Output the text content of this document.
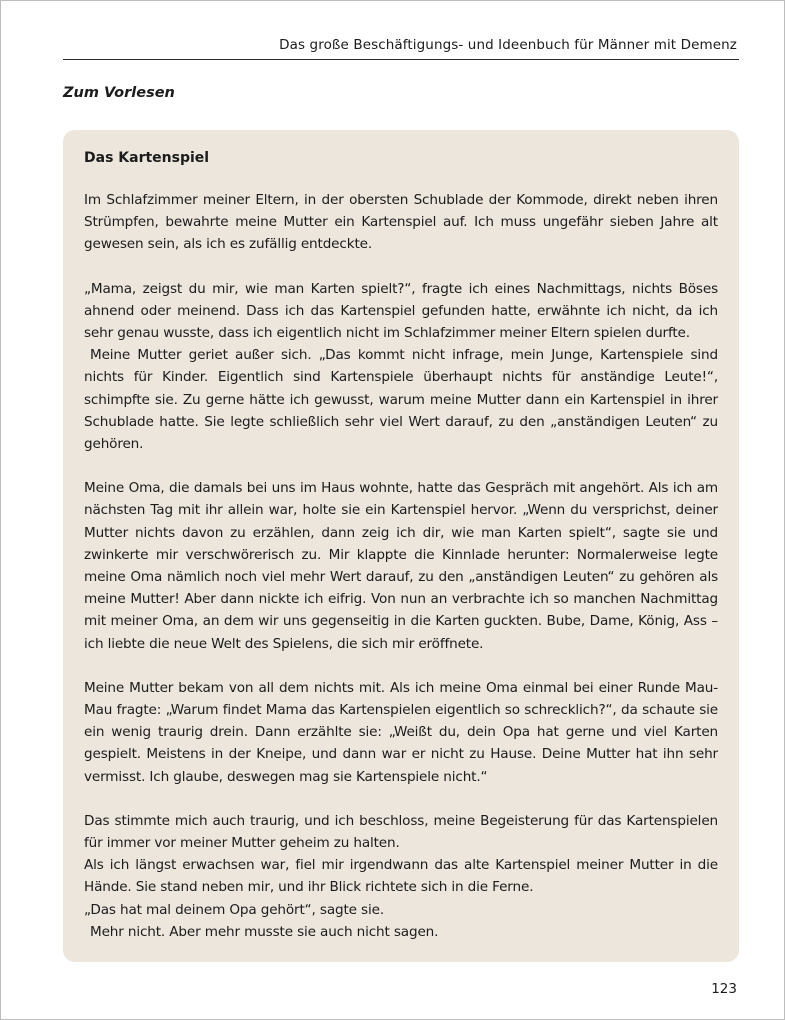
Das große Beschäftigungs- und Ideenbuch für Männer mit Demenz
Zum Vorlesen
Das Kartenspiel
Im Schlafzimmer meiner Eltern, in der obersten Schublade der Kommode, direkt neben ihren Strümpfen, bewahrte meine Mutter ein Kartenspiel auf. Ich muss ungefähr sieben Jahre alt gewesen sein, als ich es zufällig entdeckte.
„Mama, zeigst du mir, wie man Karten spielt?“, fragte ich eines Nachmittags, nichts Böses ahnend oder meinend. Dass ich das Kartenspiel gefunden hatte, erwähnte ich nicht, da ich sehr genau wusste, dass ich eigentlich nicht im Schlafzimmer meiner Eltern spielen durfte.
Meine Mutter geriet außer sich. „Das kommt nicht infrage, mein Junge, Kartenspiele sind nichts für Kinder. Eigentlich sind Kartenspiele überhaupt nichts für anständige Leute!“, schimpfte sie. Zu gerne hätte ich gewusst, warum meine Mutter dann ein Kartenspiel in ihrer Schublade hatte. Sie legte schließlich sehr viel Wert darauf, zu den „anständigen Leuten“ zu gehören.
Meine Oma, die damals bei uns im Haus wohnte, hatte das Gespräch mit angehört. Als ich am nächsten Tag mit ihr allein war, holte sie ein Kartenspiel hervor. „Wenn du versprichst, deiner Mutter nichts davon zu erzählen, dann zeig ich dir, wie man Karten spielt“, sagte sie und zwinkerte mir verschwörerisch zu. Mir klappte die Kinnlade herunter: Normalerweise legte meine Oma nämlich noch viel mehr Wert darauf, zu den „anständigen Leuten“ zu gehören als meine Mutter! Aber dann nickte ich eifrig. Von nun an verbrachte ich so manchen Nachmittag mit meiner Oma, an dem wir uns gegenseitig in die Karten guckten. Bube, Dame, König, Ass – ich liebte die neue Welt des Spielens, die sich mir eröffnete.
Meine Mutter bekam von all dem nichts mit. Als ich meine Oma einmal bei einer Runde Mau-Mau fragte: „Warum findet Mama das Kartenspielen eigentlich so schrecklich?“, da schaute sie ein wenig traurig drein. Dann erzählte sie: „Weißt du, dein Opa hat gerne und viel Karten gespielt. Meistens in der Kneipe, und dann war er nicht zu Hause. Deine Mutter hat ihn sehr vermisst. Ich glaube, deswegen mag sie Kartenspiele nicht.“
Das stimmte mich auch traurig, und ich beschloss, meine Begeisterung für das Kartenspielen für immer vor meiner Mutter geheim zu halten.
Als ich längst erwachsen war, fiel mir irgendwann das alte Kartenspiel meiner Mutter in die Hände. Sie stand neben mir, und ihr Blick richtete sich in die Ferne.
„Das hat mal deinem Opa gehört“, sagte sie.
Mehr nicht. Aber mehr musste sie auch nicht sagen.
123
